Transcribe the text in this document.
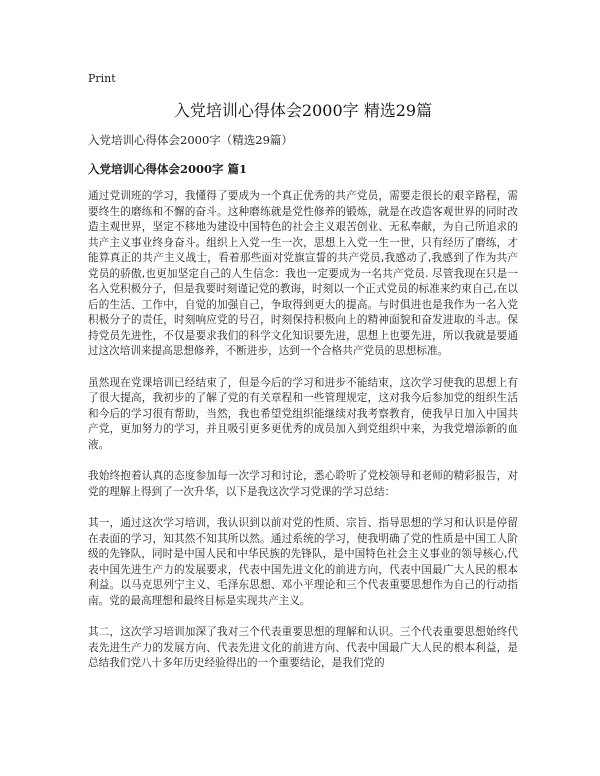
Print
入党培训心得体会2000字 精选29篇
入党培训心得体会2000字（精选29篇）
入党培训心得体会2000字 篇1

通过党训班的学习，我懂得了要成为一个真正优秀的共产党员，需要走很长的艰辛路程，需要终生的磨练和不懈的奋斗。这种磨练就是党性修养的锻炼，就是在改造客观世界的同时改造主观世界，坚定不移地为建设中国特色的社会主义艰苦创业、无私奉献，为自己所追求的共产主义事业终身奋斗。组织上入党一生一次，思想上入党一生一世，只有经历了磨练，才能算真正的共产主义战士，看着那些面对党旗宣誓的共产党员,我感动了,我感到了作为共产党员的骄傲,也更加坚定自己的人生信念：我也一定要成为一名共产党员. 尽管我现在只是一名入党积极分子，但是我要时刻谨记党的教诲，时刻以一个正式党员的标准来约束自己,在以后的生活、工作中，自觉的加强自己，争取得到更大的提高。与时俱进也是我作为一名入党积极分子的责任，时刻响应党的号召，时刻保持积极向上的精神面貌和奋发进取的斗志。保持党员先进性，不仅是要求我们的科学文化知识要先进，思想上也要先进，所以我就是要通过这次培训来提高思想修养，不断进步，达到一个合格共产党员的思想标准。

虽然现在党课培训已经结束了，但是今后的学习和进步不能结束，这次学习使我的思想上有了很大提高，我初步的了解了党的有关章程和一些管理规定，这对我今后参加党的组织生活和今后的学习很有帮助，当然，我也希望党组织能继续对我考察教育，使我早日加入中国共产党，更加努力的学习，并且吸引更多更优秀的成员加入到党组织中来，为我党增添新的血液。

我始终抱着认真的态度参加每一次学习和讨论，悉心聆听了党校领导和老师的精彩报告，对党的理解上得到了一次升华，以下是我这次学习党课的学习总结：

其一，通过这次学习培训，我认识到以前对党的性质、宗旨、指导思想的学习和认识是停留在表面的学习，知其然不知其所以然。通过系统的学习，使我明确了党的性质是中国工人阶级的先锋队，同时是中国人民和中华民族的先锋队，是中国特色社会主义事业的领导核心,代表中国先进生产力的发展要求，代表中国先进文化的前进方向，代表中国最广大人民的根本利益。以马克思列宁主义、毛泽东思想、邓小平理论和三个代表重要思想作为自己的行动指南。党的最高理想和最终目标是实现共产主义。

其二，这次学习培训加深了我对三个代表重要思想的理解和认识。三个代表重要思想始终代表先进生产力的发展方向、代表先进文化的前进方向、代表中国最广大人民的根本利益，是总结我们党八十多年历史经验得出的一个重要结论，是我们党的
